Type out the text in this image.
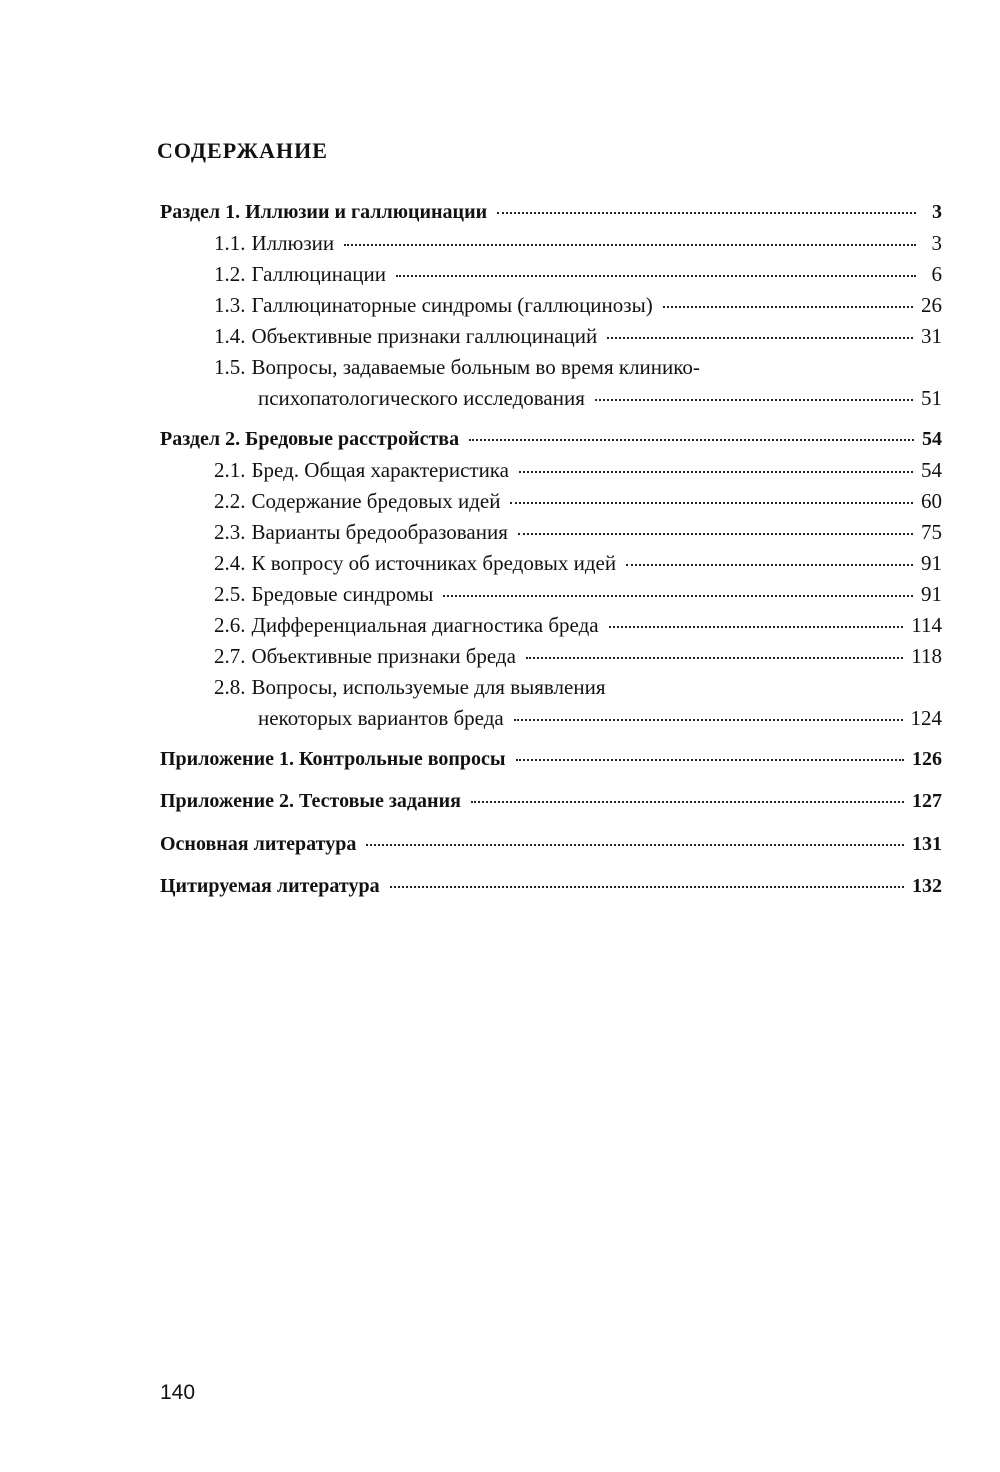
СОДЕРЖАНИЕ
Раздел 1. Иллюзии и галлюцинации	3
1.1. Иллюзии	3
1.2. Галлюцинации	6
1.3. Галлюцинаторные синдромы (галлюцинозы)	26
1.4. Объективные признаки галлюцинаций	31
1.5. Вопросы, задаваемые больным во время клинико-
психопатологического исследования	51
Раздел 2. Бредовые расстройства	54
2.1. Бред. Общая характеристика	54
2.2. Содержание бредовых идей	60
2.3. Варианты бредообразования	75
2.4. К вопросу об источниках бредовых идей	91
2.5. Бредовые синдромы	91
2.6. Дифференциальная диагностика бреда	114
2.7. Объективные признаки бреда	118
2.8. Вопросы, используемые для выявления
некоторых вариантов бреда	124
Приложение 1. Контрольные вопросы	126
Приложение 2. Тестовые задания	127
Основная литература	131
Цитируемая литература	132
140
